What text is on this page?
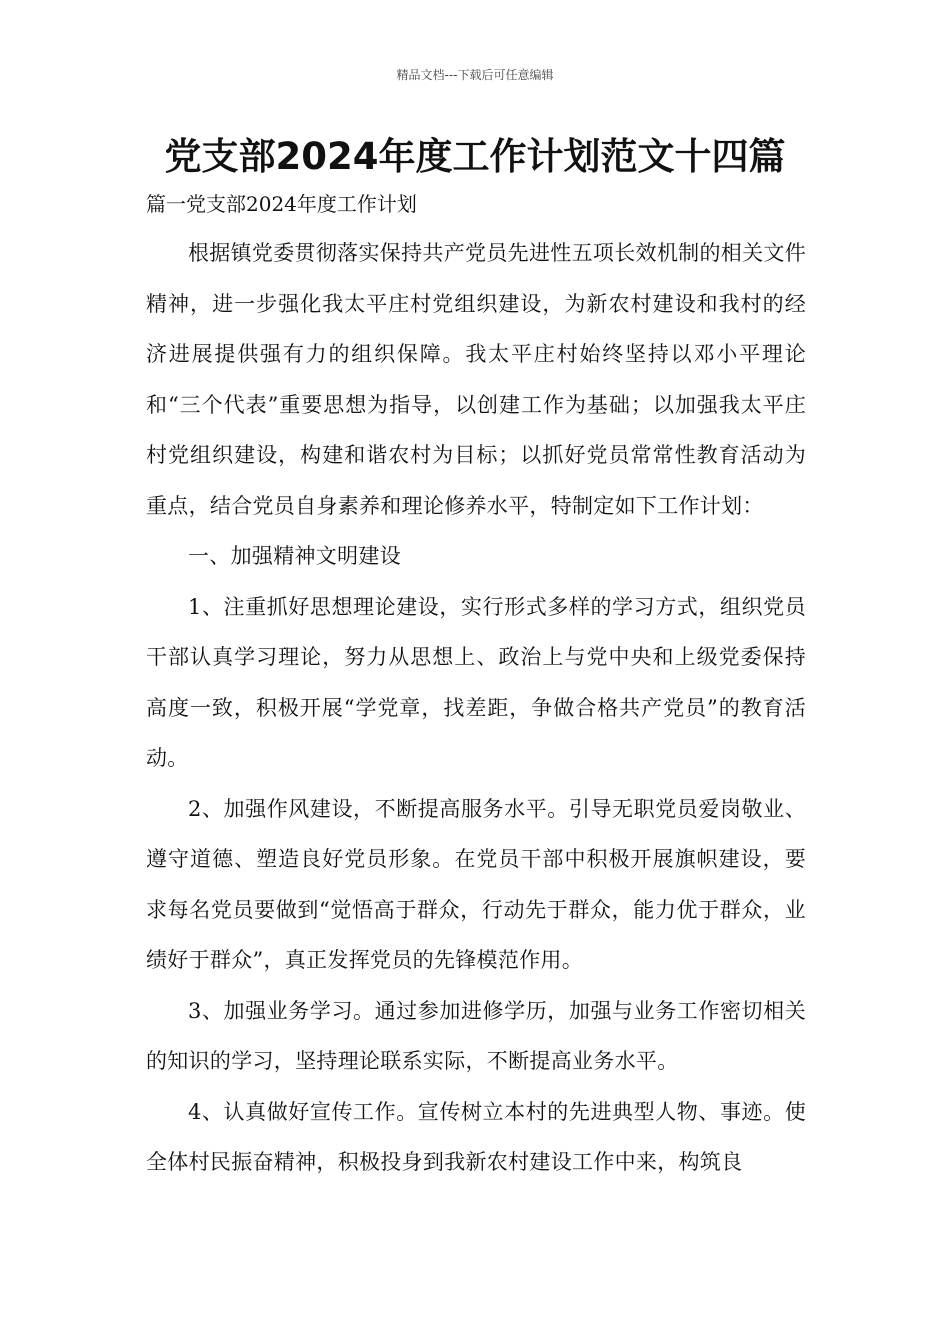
精品文档---下载后可任意编辑
党支部2024年度工作计划范文十四篇
篇一党支部2024年度工作计划

根据镇党委贯彻落实保持共产党员先进性五项长效机制的相关文件精神，进一步强化我太平庄村党组织建设，为新农村建设和我村的经济进展提供强有力的组织保障。我太平庄村始终坚持以邓小平理论和“三个代表”重要思想为指导，以创建工作为基础；以加强我太平庄村党组织建设，构建和谐农村为目标；以抓好党员常常性教育活动为重点，结合党员自身素养和理论修养水平，特制定如下工作计划：

一、加强精神文明建设

1、注重抓好思想理论建设，实行形式多样的学习方式，组织党员干部认真学习理论，努力从思想上、政治上与党中央和上级党委保持高度一致，积极开展“学党章，找差距，争做合格共产党员”的教育活动。

2、加强作风建设，不断提高服务水平。引导无职党员爱岗敬业、遵守道德、塑造良好党员形象。在党员干部中积极开展旗帜建设，要求每名党员要做到“觉悟高于群众，行动先于群众，能力优于群众，业绩好于群众”，真正发挥党员的先锋模范作用。

3、加强业务学习。通过参加进修学历，加强与业务工作密切相关的知识的学习，坚持理论联系实际，不断提高业务水平。

4、认真做好宣传工作。宣传树立本村的先进典型人物、事迹。使全体村民振奋精神，积极投身到我新农村建设工作中来，构筑良
